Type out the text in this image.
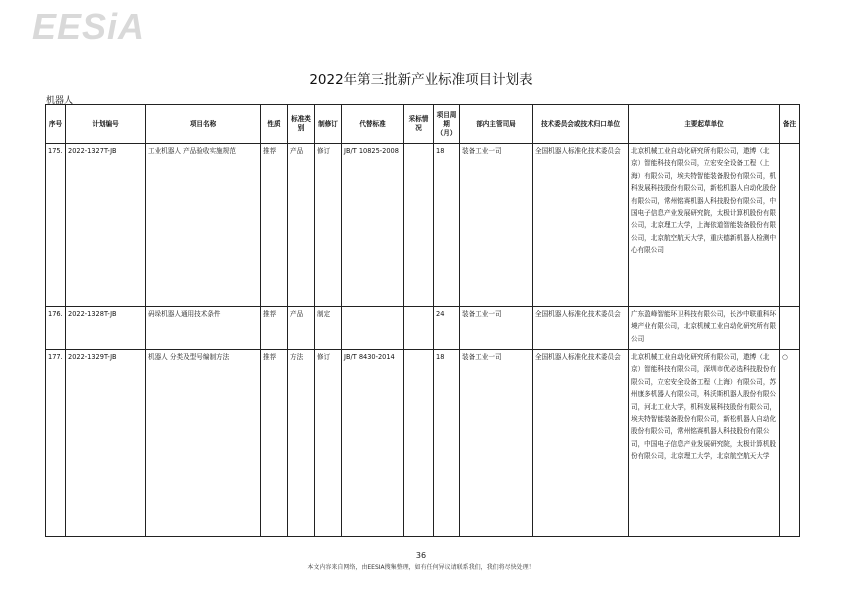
EESiA
2022年第三批新产业标准项目计划表
机器人
序号	计划编号	项目名称	性质	标准类别	制修订	代替标准	采标情况	项目周期（月）	部内主管司局	技术委员会或技术归口单位	主要起草单位	备注
175.	2022-1327T-JB	工业机器人 产品验收实施规范	推荐	产品	修订	JB/T 10825-2008		18	装备工业一司	全国机器人标准化技术委员会	北京机械工业自动化研究所有限公司，遨博（北京）智能科技有限公司，立宏安全设备工程（上海）有限公司，埃夫特智能装备股份有限公司，机科发展科技股份有限公司，新松机器人自动化股份有限公司，常州铭赛机器人科技股份有限公司，中国电子信息产业发展研究院，太极计算机股份有限公司，北京理工大学，上海依道智能装备股份有限公司，北京航空航天大学，重庆德新机器人检测中心有限公司	
176.	2022-1328T-JB	码垛机器人通用技术条件	推荐	产品	制定			24	装备工业一司	全国机器人标准化技术委员会	广东盈峰智能环卫科技有限公司，长沙中联重科环境产业有限公司，北京机械工业自动化研究所有限公司	
177.	2022-1329T-JB	机器人 分类及型号编制方法	推荐	方法	修订	JB/T 8430-2014		18	装备工业一司	全国机器人标准化技术委员会	北京机械工业自动化研究所有限公司，遨博（北京）智能科技有限公司，深圳市优必选科技股份有限公司，立宏安全设备工程（上海）有限公司，苏州康多机器人有限公司，科沃斯机器人股份有限公司，河北工业大学，机科发展科技股份有限公司，埃夫特智能装备股份有限公司，新松机器人自动化股份有限公司，常州铭赛机器人科技股份有限公司，中国电子信息产业发展研究院，太极计算机股份有限公司，北京理工大学，北京航空航天大学	○
36
本文内容来自网络，由EESIA搜集整理，如有任何异议请联系我们，我们将尽快处理！
